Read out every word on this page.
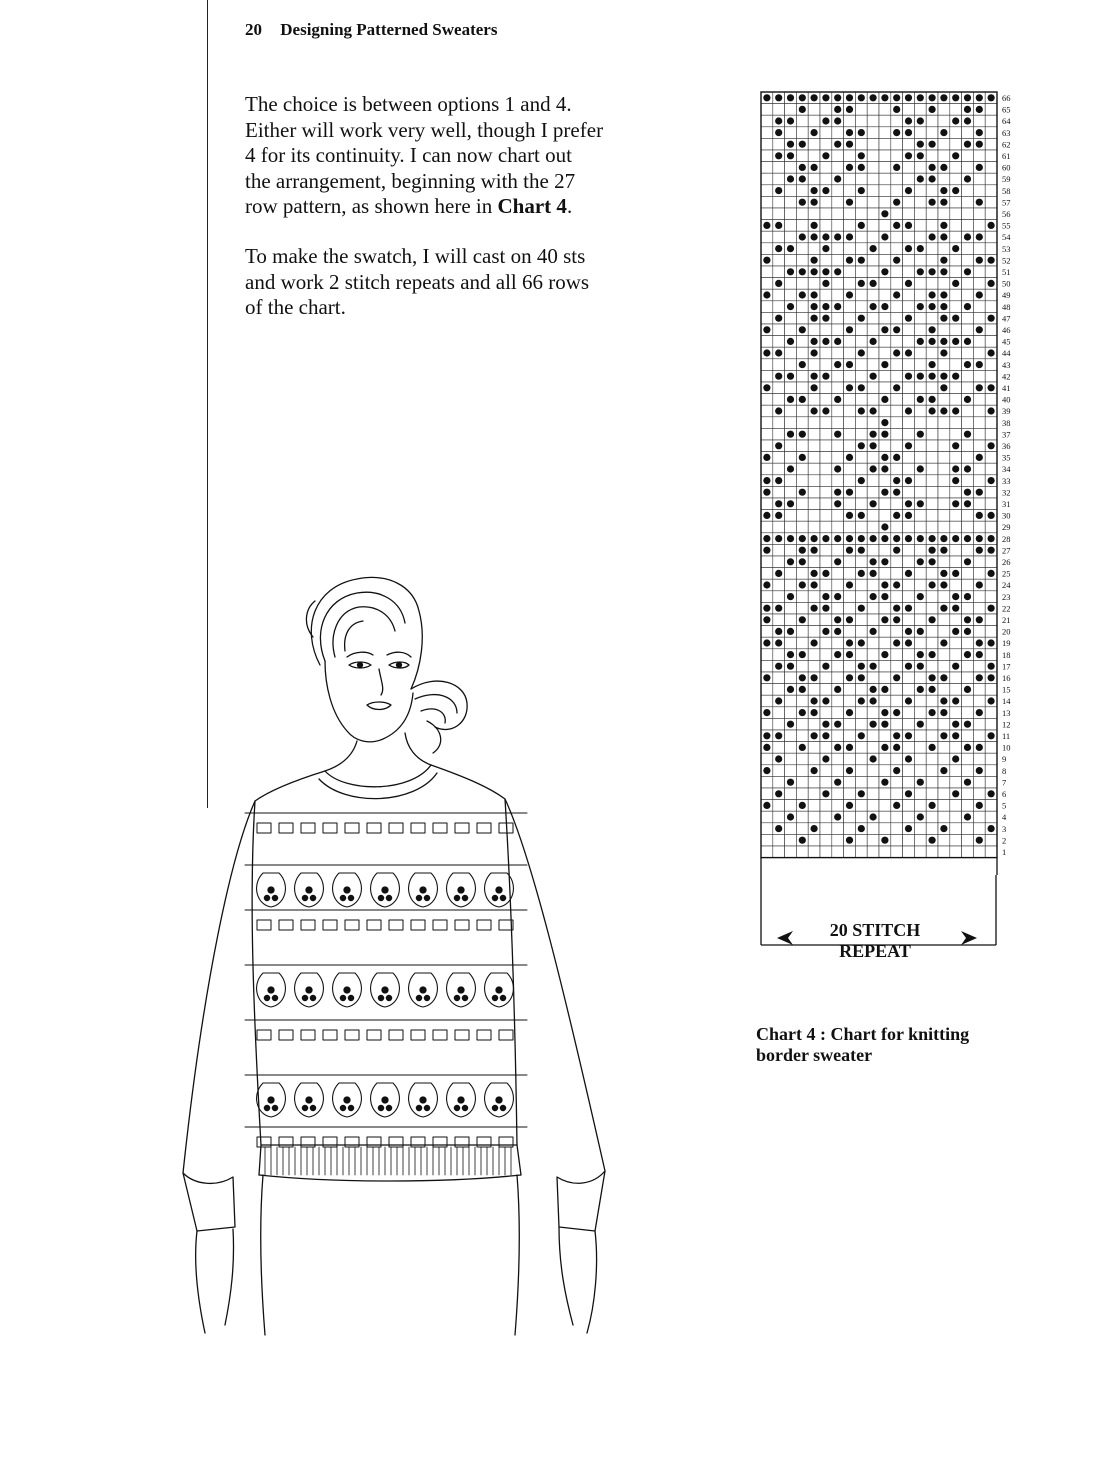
20 Designing Patterned Sweaters

The choice is between options 1 and 4.
Either will work very well, though I prefer
4 for its continuity. I can now chart out
the arrangement, beginning with the 27
row pattern, as shown here in Chart 4.

To make the swatch, I will cast on 40 sts
and work 2 stitch repeats and all 66 rows
of the chart.

66
65
64
63
62
61
60
59
58
57
56
55
54
53
52
51
50
49
48
47
46
45
44
43
42
41
40
39
38
37
36
35
34
33
32
31
30
29
28
27
26
25
24
23
22
21
20
19
18
17
16
15
14
13
12
11
10
9
8
7
6
5
4
3
2
1
20 STITCH
REPEAT
Chart 4 : Chart for knitting
border sweater
